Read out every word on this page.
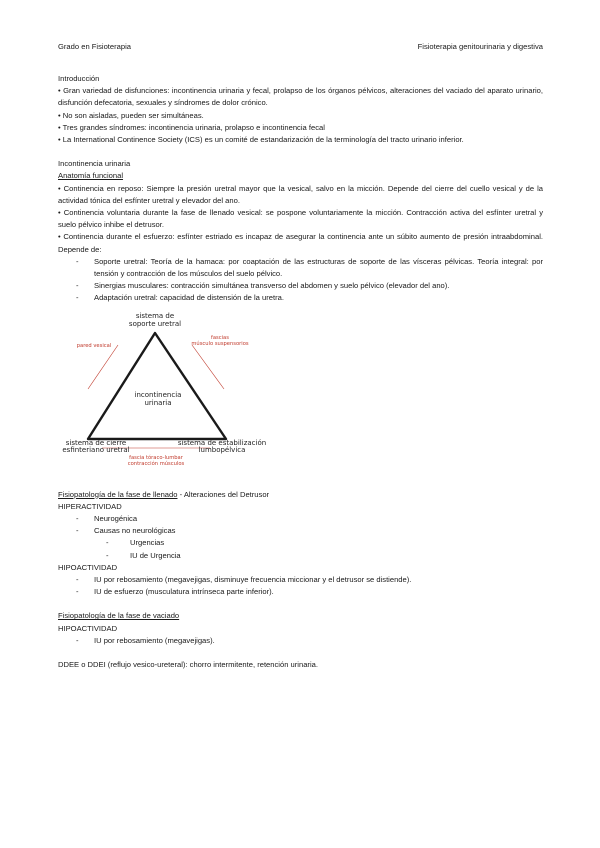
Grado en Fisioterapia	Fisioterapia genitourinaria y digestiva

Introducción

• Gran variedad de disfunciones: incontinencia urinaria y fecal, prolapso de los órganos pélvicos, alteraciones del vaciado del aparato urinario, disfunción defecatoria, sexuales y síndromes de dolor crónico.

• No son aisladas, pueden ser simultáneas.

• Tres grandes síndromes: incontinencia urinaria, prolapso e incontinencia fecal

• La International Continence Society (ICS) es un comité de estandarización de la terminología del tracto urinario inferior.

Incontinencia urinaria

Anatomía funcional

• Continencia en reposo: Siempre la presión uretral mayor que la vesical, salvo en la micción. Depende del cierre del cuello vesical y de la actividad tónica del esfínter uretral y elevador del ano.

• Continencia voluntaria durante la fase de llenado vesical: se pospone voluntariamente la micción. Contracción activa del esfínter uretral y suelo pélvico inhibe el detrusor.

• Continencia durante el esfuerzo: esfínter estriado es incapaz de asegurar la continencia ante un súbito aumento de presión intraabdominal. Depende de:

-	Soporte uretral: Teoría de la hamaca: por coaptación de las estructuras de soporte de las vísceras pélvicas. Teoría integral: por tensión y contracción de los músculos del suelo pélvico.
-	Sinergias musculares: contracción simultánea transverso del abdomen y suelo pélvico (elevador del ano).
-	Adaptación uretral: capacidad de distensión de la uretra.
sistema de
soporte uretral
incontinencia
urinaria
sistema de cierre
esfinteriano uretral
sistema de estabilización
lumbopélvica
pared vesical
fascias
músculo suspensorios
fascia tóraco-lumbar
contracción músculos

Fisiopatología de la fase de llenado - Alteraciones del Detrusor

HIPERACTIVIDAD

-	Neurogénica
-	Causas no neurológicas
-	Urgencias
-	IU de Urgencia

HIPOACTIVIDAD

-	IU por rebosamiento (megavejigas, disminuye frecuencia miccionar y el detrusor se distiende).
-	IU de esfuerzo (musculatura intrínseca parte inferior).

Fisiopatología de la fase de vaciado

HIPOACTIVIDAD

-	IU por rebosamiento (megavejigas).

DDEE o DDEI (reflujo vesico-ureteral): chorro intermitente, retención urinaria.
